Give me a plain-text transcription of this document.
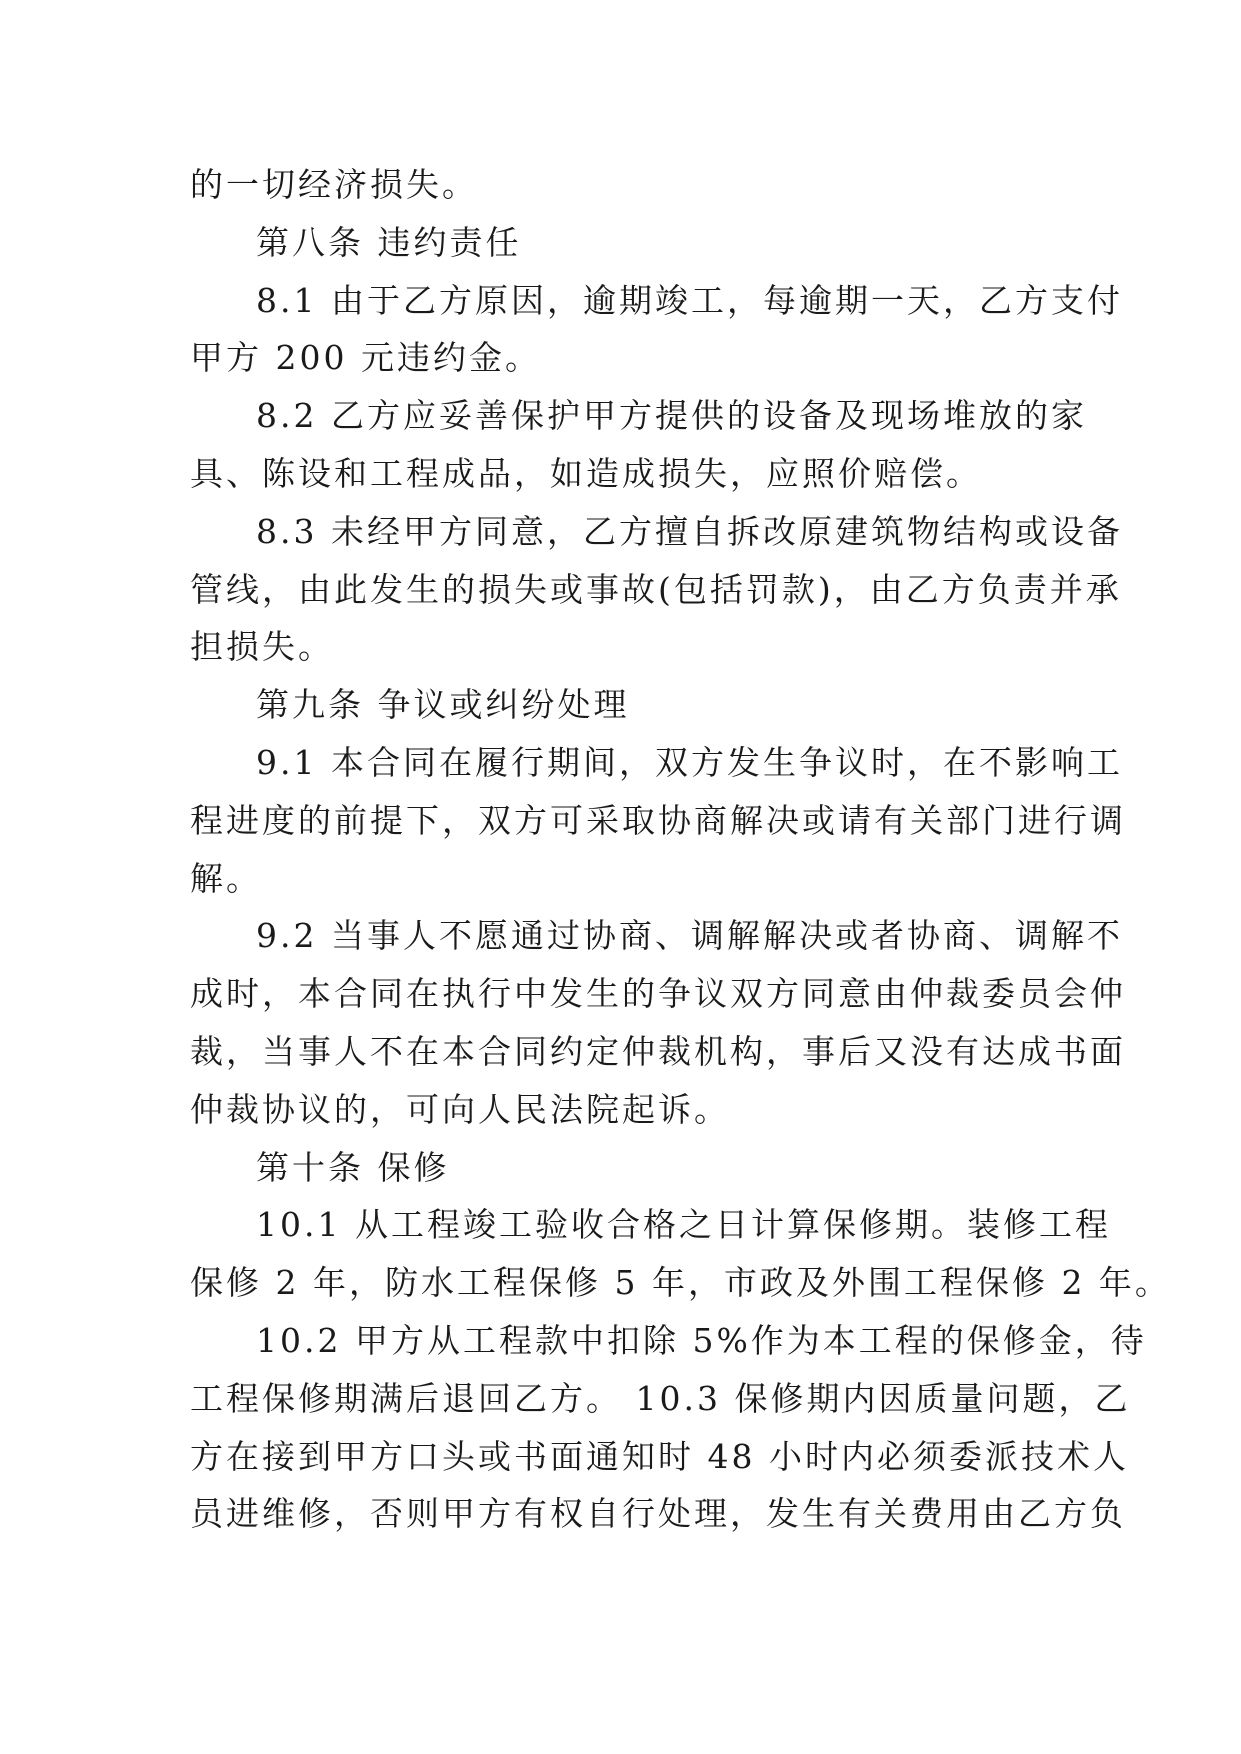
的一切经济损失。
第八条 违约责任
8.1 由于乙方原因，逾期竣工，每逾期一天，乙方支付
甲方 200 元违约金。
8.2 乙方应妥善保护甲方提供的设备及现场堆放的家
具、陈设和工程成品，如造成损失，应照价赔偿。
8.3 未经甲方同意，乙方擅自拆改原建筑物结构或设备
管线，由此发生的损失或事故(包括罚款)，由乙方负责并承
担损失。
第九条 争议或纠纷处理
9.1 本合同在履行期间，双方发生争议时，在不影响工
程进度的前提下，双方可采取协商解决或请有关部门进行调
解。
9.2 当事人不愿通过协商、调解解决或者协商、调解不
成时，本合同在执行中发生的争议双方同意由仲裁委员会仲
裁，当事人不在本合同约定仲裁机构，事后又没有达成书面
仲裁协议的，可向人民法院起诉。
第十条 保修
10.1 从工程竣工验收合格之日计算保修期。装修工程
保修 2 年，防水工程保修 5 年，市政及外围工程保修 2 年。
10.2 甲方从工程款中扣除 5%作为本工程的保修金，待
工程保修期满后退回乙方。 10.3 保修期内因质量问题，乙
方在接到甲方口头或书面通知时 48 小时内必须委派技术人
员进维修，否则甲方有权自行处理，发生有关费用由乙方负
